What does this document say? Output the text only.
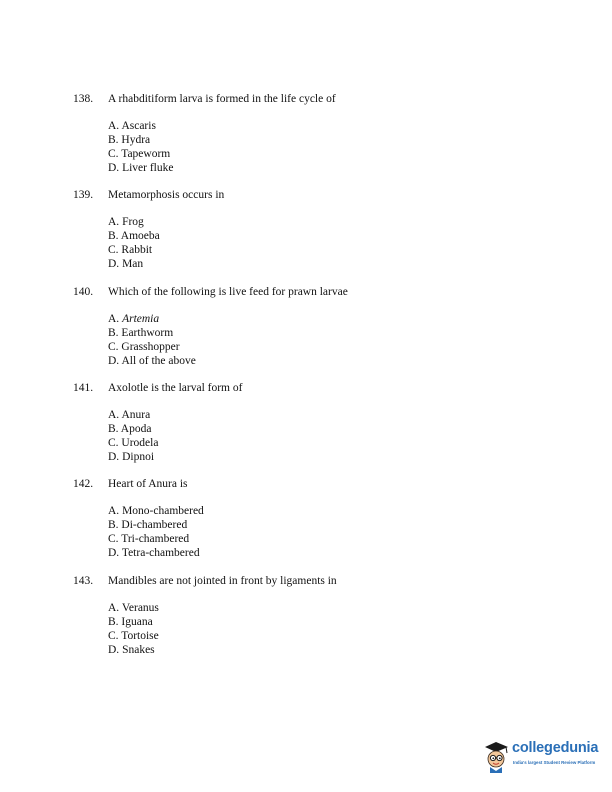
138. A rhabditiform larva is formed in the life cycle of
A. Ascaris
B. Hydra
C. Tapeworm
D. Liver fluke
139. Metamorphosis occurs in
A. Frog
B. Amoeba
C. Rabbit
D. Man
140. Which of the following is live feed for prawn larvae
A. Artemia
B. Earthworm
C. Grasshopper
D. All of the above
141. Axolotle is the larval form of
A. Anura
B. Apoda
C. Urodela
D. Dipnoi
142. Heart of Anura is
A. Mono-chambered
B. Di-chambered
C. Tri-chambered
D. Tetra-chambered
143. Mandibles are not jointed in front by ligaments in
A. Veranus
B. Iguana
C. Tortoise
D. Snakes
collegedunia
India's largest Student Review Platform
